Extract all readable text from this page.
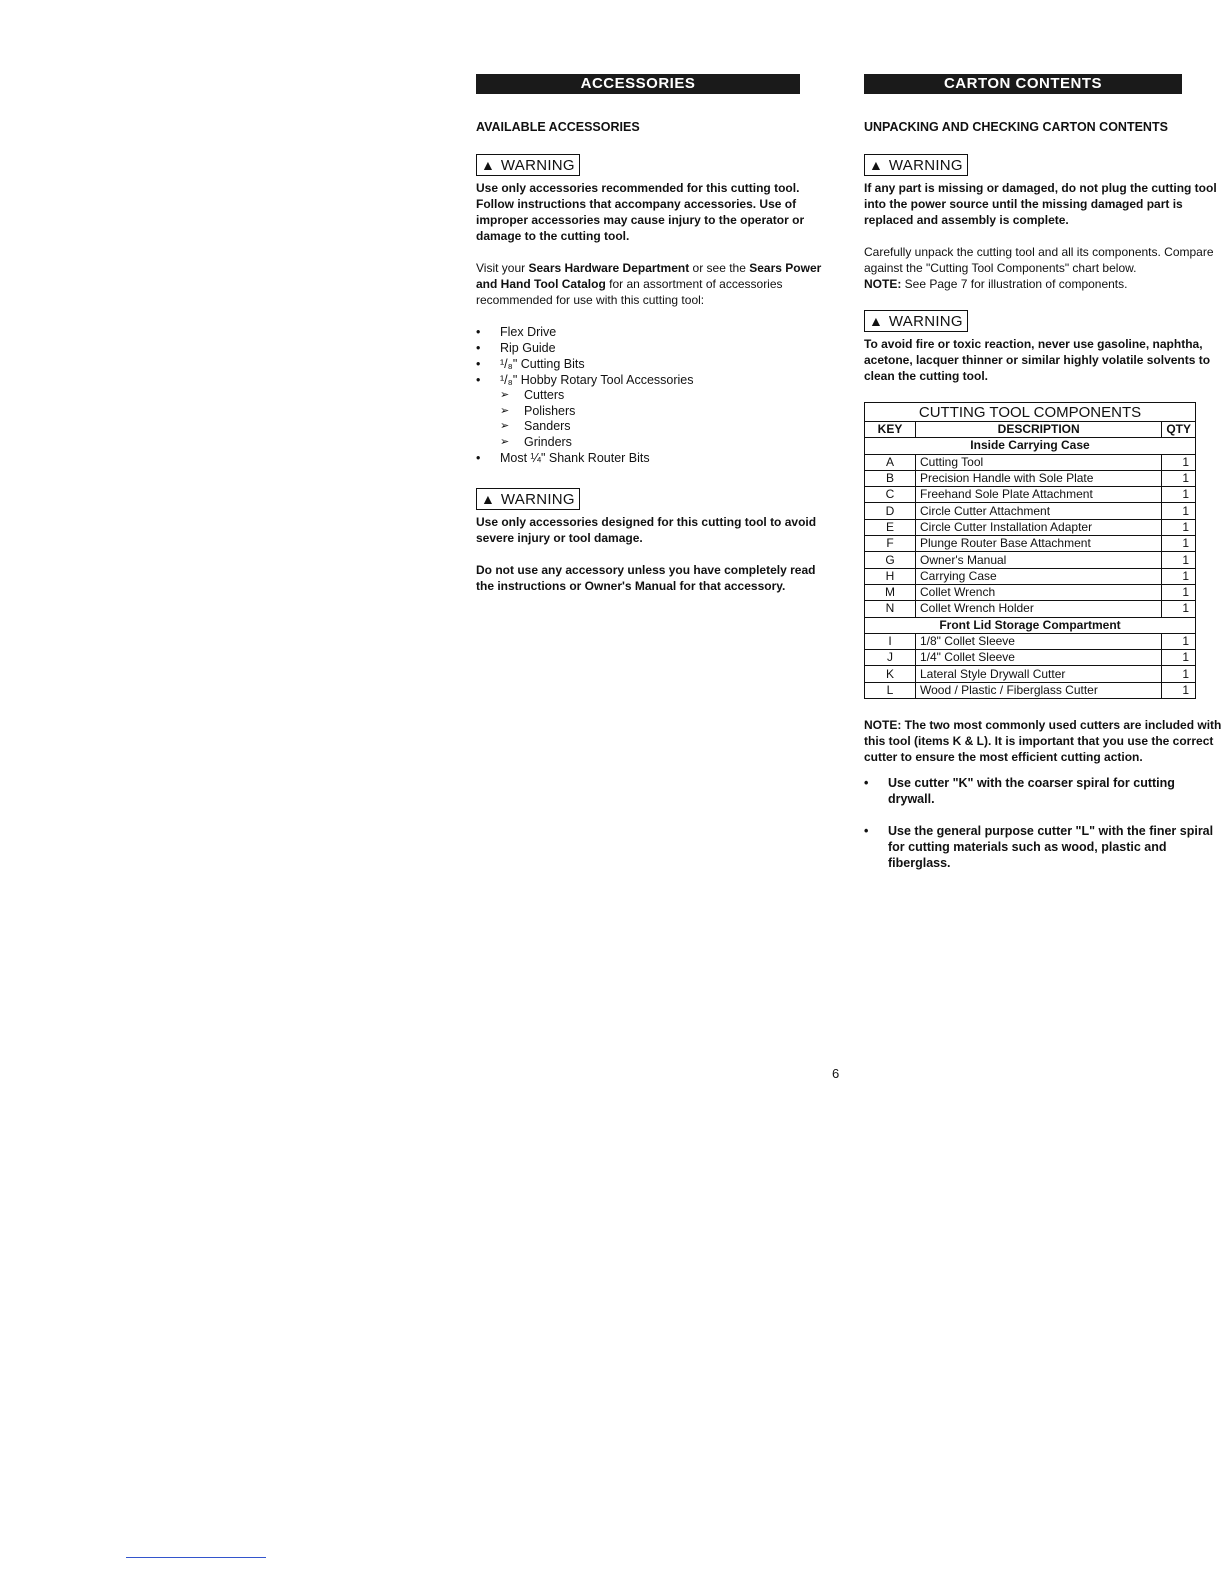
ACCESSORIES
AVAILABLE ACCESSORIES
▲ WARNING
Use only accessories recommended for this cutting tool. Follow instructions that accompany accessories. Use of improper accessories may cause injury to the operator or damage to the cutting tool.
Visit your Sears Hardware Department or see the Sears Power and Hand Tool Catalog for an assortment of accessories recommended for use with this cutting tool:
• Flex Drive
• Rip Guide
• ¹/₈" Cutting Bits
• ¹/₈" Hobby Rotary Tool Accessories
➢ Cutters
➢ Polishers
➢ Sanders
➢ Grinders
• Most ¼" Shank Router Bits
▲ WARNING
Use only accessories designed for this cutting tool to avoid severe injury or tool damage.
Do not use any accessory unless you have completely read the instructions or Owner's Manual for that accessory.
CARTON CONTENTS
UNPACKING AND CHECKING CARTON CONTENTS
▲ WARNING
If any part is missing or damaged, do not plug the cutting tool into the power source until the missing damaged part is replaced and assembly is complete.
Carefully unpack the cutting tool and all its components. Compare against the "Cutting Tool Components" chart below.
NOTE: See Page 7 for illustration of components.
▲ WARNING
To avoid fire or toxic reaction, never use gasoline, naphtha, acetone, lacquer thinner or similar highly volatile solvents to clean the cutting tool.
CUTTING TOOL COMPONENTS		
KEY	DESCRIPTION	QTY
Inside Carrying Case		
A	Cutting Tool	1
B	Precision Handle with Sole Plate	1
C	Freehand Sole Plate Attachment	1
D	Circle Cutter Attachment	1
E	Circle Cutter Installation Adapter	1
F	Plunge Router Base Attachment	1
G	Owner's Manual	1
H	Carrying Case	1
M	Collet Wrench	1
N	Collet Wrench Holder	1
Front Lid Storage Compartment		
I	1/8" Collet Sleeve	1
J	1/4" Collet Sleeve	1
K	Lateral Style Drywall Cutter	1
L	Wood / Plastic / Fiberglass Cutter	1
NOTE: The two most commonly used cutters are included with this tool (items K & L). It is important that you use the correct cutter to ensure the most efficient cutting action.
• Use cutter "K" with the coarser spiral for cutting drywall.
• Use the general purpose cutter "L" with the finer spiral for cutting materials such as wood, plastic and fiberglass.
6
